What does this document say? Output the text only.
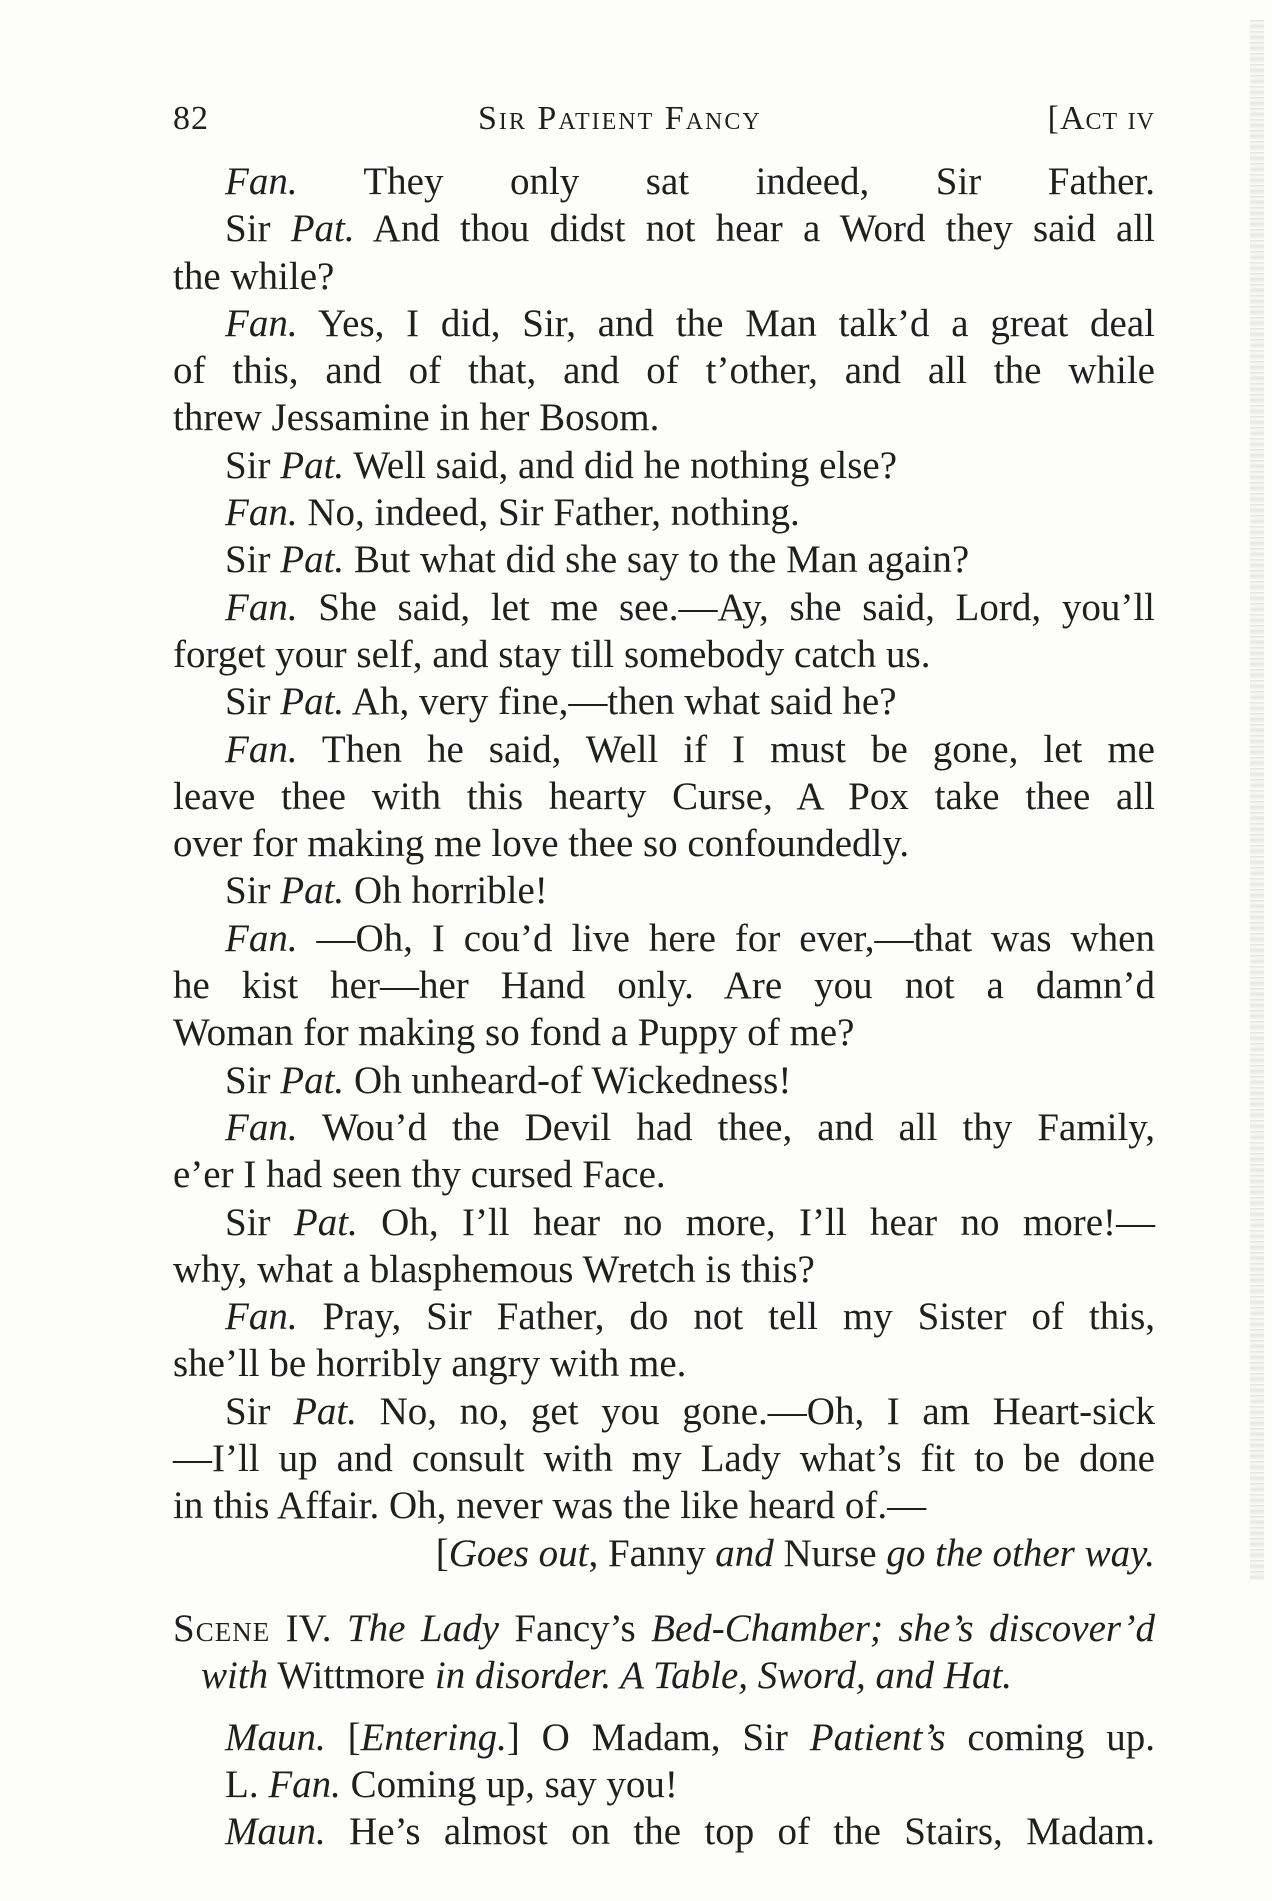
82	Sir Patient Fancy	[Act iv
Fan. They only sat indeed, Sir Father.
Sir Pat. And thou didst not hear a Word they said all
the while?
Fan. Yes, I did, Sir, and the Man talk’d a great deal
of this, and of that, and of t’other, and all the while
threw Jessamine in her Bosom.
Sir Pat. Well said, and did he nothing else?
Fan. No, indeed, Sir Father, nothing.
Sir Pat. But what did she say to the Man again?
Fan. She said, let me see.—Ay, she said, Lord, you’ll
forget your self, and stay till somebody catch us.
Sir Pat. Ah, very fine,—then what said he?
Fan. Then he said, Well if I must be gone, let me
leave thee with this hearty Curse, A Pox take thee all
over for making me love thee so confoundedly.
Sir Pat. Oh horrible!
Fan. —Oh, I cou’d live here for ever,—that was when
he kist her—her Hand only. Are you not a damn’d
Woman for making so fond a Puppy of me?
Sir Pat. Oh unheard-of Wickedness!
Fan. Wou’d the Devil had thee, and all thy Family,
e’er I had seen thy cursed Face.
Sir Pat. Oh, I’ll hear no more, I’ll hear no more!—
why, what a blasphemous Wretch is this?
Fan. Pray, Sir Father, do not tell my Sister of this,
she’ll be horribly angry with me.
Sir Pat. No, no, get you gone.—Oh, I am Heart-sick
—I’ll up and consult with my Lady what’s fit to be done
in this Affair. Oh, never was the like heard of.—
[Goes out, Fanny and Nurse go the other way.
Scene IV. The Lady Fancy’s Bed-Chamber; she’s discover’d
with Wittmore in disorder. A Table, Sword, and Hat.
Maun. [Entering.] O Madam, Sir Patient’s coming up.
L. Fan. Coming up, say you!
Maun. He’s almost on the top of the Stairs, Madam.
